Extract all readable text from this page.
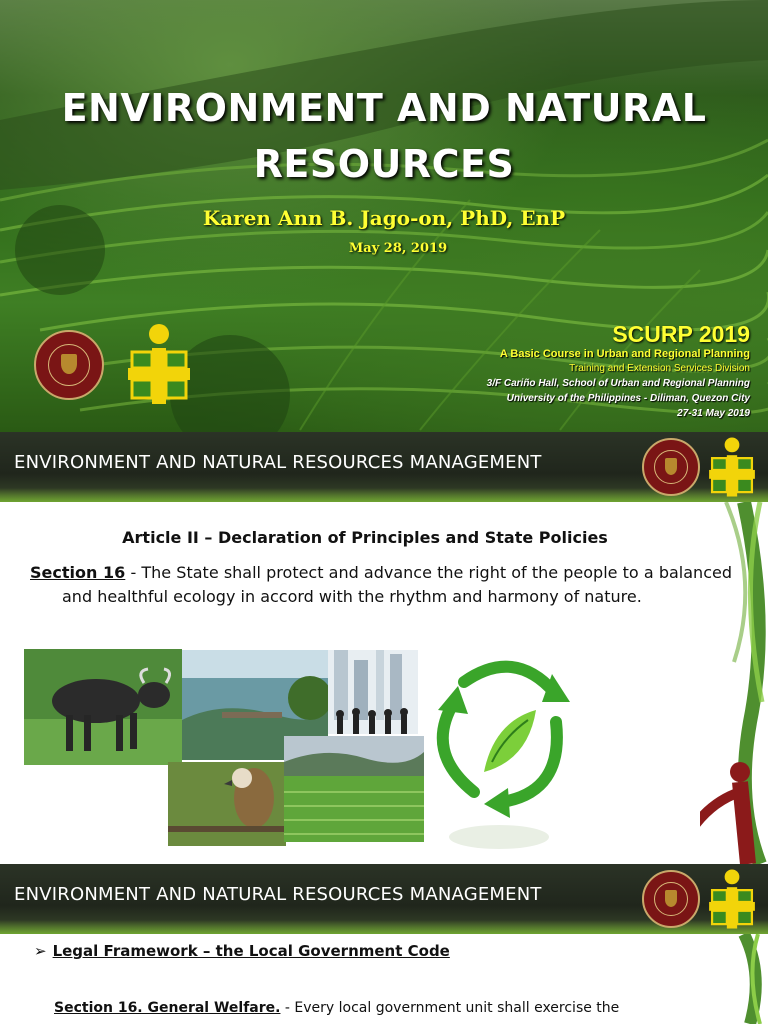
ENVIRONMENT AND NATURAL
RESOURCES
Karen Ann B. Jago-on, PhD, EnP
May 28, 2019
SCURP 2019
A Basic Course in Urban and Regional Planning
Training and Extension Services Division
3/F Cariño Hall, School of Urban and Regional Planning
University of the Philippines - Diliman, Quezon City
27-31 May 2019
ENVIRONMENT AND NATURAL RESOURCES MANAGEMENT
Article II – Declaration of Principles and State Policies
Section 16 - The State shall protect and advance the right of the people to a balanced and healthful ecology in accord with the rhythm and harmony of nature.
ENVIRONMENT AND NATURAL RESOURCES MANAGEMENT
➢ Legal Framework – the Local Government Code
Section 16. General Welfare. - Every local government unit shall exercise the
